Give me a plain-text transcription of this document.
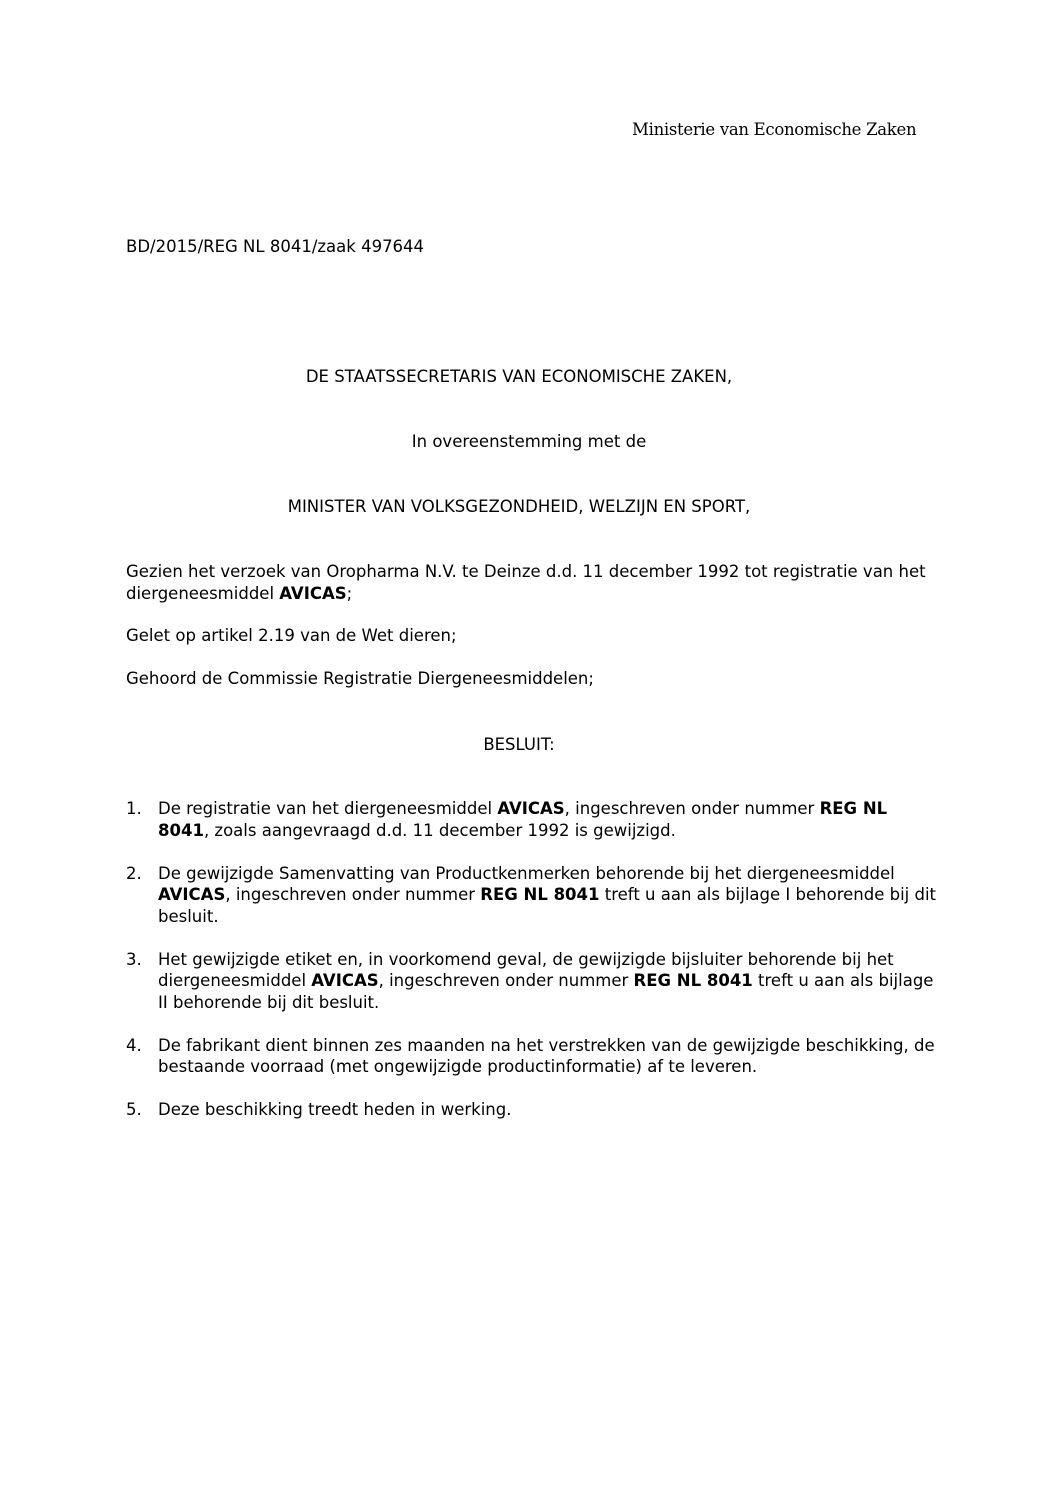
Ministerie van Economische Zaken
BD/2015/REG NL 8041/zaak 497644
DE STAATSSECRETARIS VAN ECONOMISCHE ZAKEN,
In overeenstemming met de
MINISTER VAN VOLKSGEZONDHEID, WELZIJN EN SPORT,
Gezien het verzoek van Oropharma N.V. te Deinze d.d. 11 december 1992 tot registratie van het diergeneesmiddel AVICAS;
Gelet op artikel 2.19 van de Wet dieren;
Gehoord de Commissie Registratie Diergeneesmiddelen;
BESLUIT:
1. De registratie van het diergeneesmiddel AVICAS, ingeschreven onder nummer REG NL 8041, zoals aangevraagd d.d. 11 december 1992 is gewijzigd.
2. De gewijzigde Samenvatting van Productkenmerken behorende bij het diergeneesmiddel AVICAS, ingeschreven onder nummer REG NL 8041 treft u aan als bijlage I behorende bij dit besluit.
3. Het gewijzigde etiket en, in voorkomend geval, de gewijzigde bijsluiter behorende bij het diergeneesmiddel AVICAS, ingeschreven onder nummer REG NL 8041 treft u aan als bijlage II behorende bij dit besluit.
4. De fabrikant dient binnen zes maanden na het verstrekken van de gewijzigde beschikking, de bestaande voorraad (met ongewijzigde productinformatie) af te leveren.
5. Deze beschikking treedt heden in werking.
